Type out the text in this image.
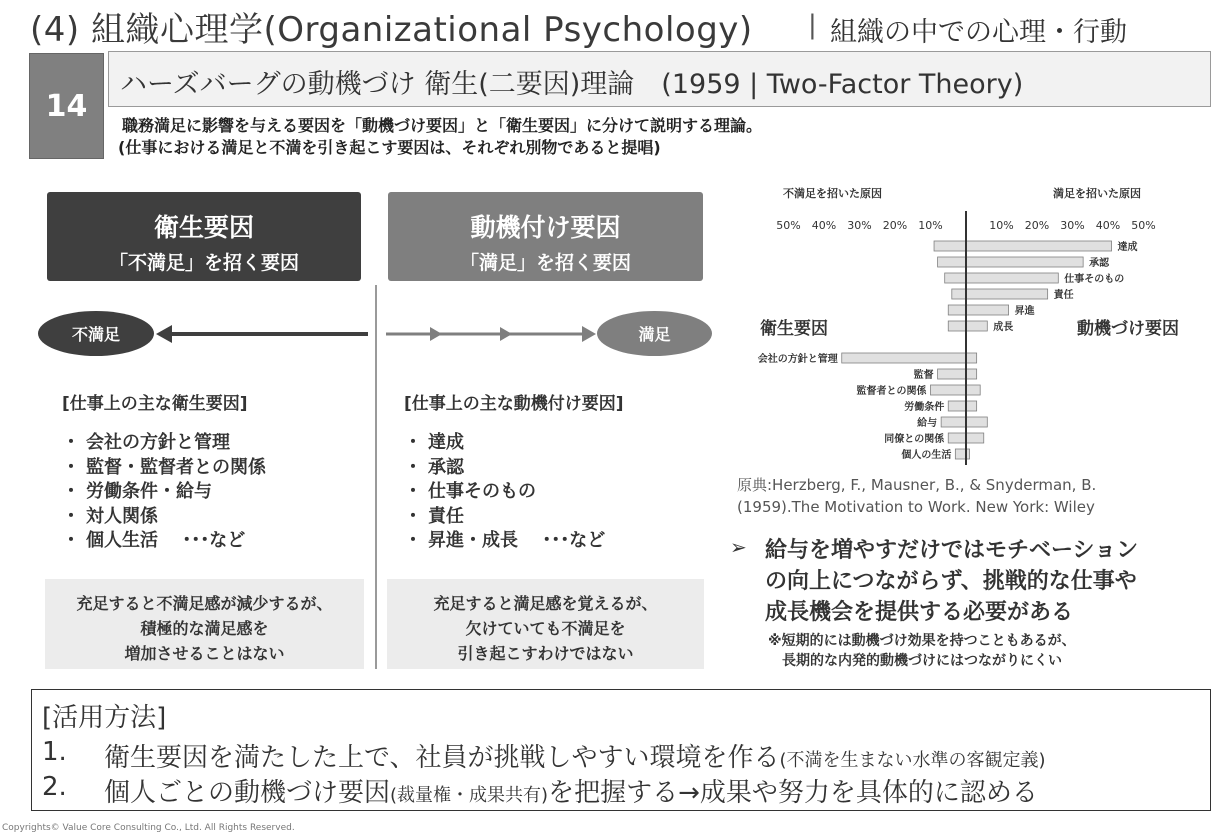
(4) 組織心理学(Organizational Psychology) | 組織の中での心理・行動
14
ハーズバーグの動機づけ 衛生(二要因)理論　(1959 | Two-Factor Theory)
職務満足に影響を与える要因を「動機づけ要因」と「衛生要因」に分けて説明する理論。
(仕事における満足と不満を引き起こす要因は、それぞれ別物であると提唱)
衛生要因
「不満足」を招く要因
動機付け要因
「満足」を招く要因
不満足	満足
[仕事上の主な衛生要因]
・ 会社の方針と管理
・ 監督・監督者との関係
・ 労働条件・給与
・ 対人関係
・ 個人生活　 ･･･など
[仕事上の主な動機付け要因]
・ 達成
・ 承認
・ 仕事そのもの
・ 責任
・ 昇進・成長　 ･･･など
充足すると不満足感が減少するが、
積極的な満足感を
増加させることはない
充足すると満足感を覚えるが、
欠けていても不満足を
引き起こすわけではない
不満足を招いた原因	満足を招いた原因
50% 40% 30% 20% 10%	10% 20% 30% 40% 50%
達成
承認
仕事そのもの
責任
昇進
成長
会社の方針と管理
監督
監督者との関係
労働条件
給与
同僚との関係
個人の生活
衛生要因	動機づけ要因
原典:Herzberg, F., Mausner, B., & Snyderman, B.
(1959).The Motivation to Work. New York: Wiley
➢ 給与を増やすだけではモチベーション
の向上につながらず、挑戦的な仕事や
成長機会を提供する必要がある
※短期的には動機づけ効果を持つこともあるが、
長期的な内発的動機づけにはつながりにくい
[活用方法]
1. 衛生要因を満たした上で、社員が挑戦しやすい環境を作る(不満を生まない水準の客観定義)
2. 個人ごとの動機づけ要因(裁量権・成果共有)を把握する→成果や努力を具体的に認める
Copyrights© Value Core Consulting Co., Ltd. All Rights Reserved.
